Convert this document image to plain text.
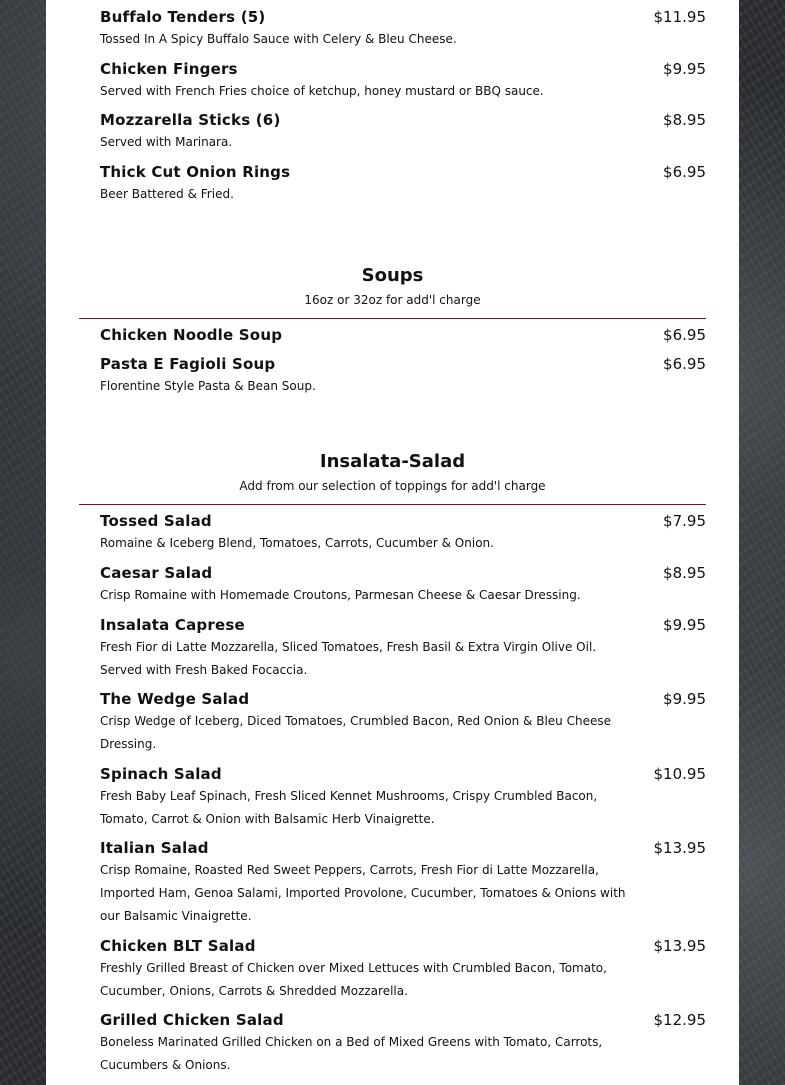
Buffalo Tenders (5)	$11.95
Tossed In A Spicy Buffalo Sauce with Celery & Bleu Cheese.
Chicken Fingers	$9.95
Served with French Fries choice of ketchup, honey mustard or BBQ sauce.
Mozzarella Sticks (6)	$8.95
Served with Marinara.
Thick Cut Onion Rings	$6.95
Beer Battered & Fried.
Soups
16oz or 32oz for add'l charge
Chicken Noodle Soup	$6.95
Pasta E Fagioli Soup	$6.95
Florentine Style Pasta & Bean Soup.
Insalata-Salad
Add from our selection of toppings for add'l charge
Tossed Salad	$7.95
Romaine & Iceberg Blend, Tomatoes, Carrots, Cucumber & Onion.
Caesar Salad	$8.95
Crisp Romaine with Homemade Croutons, Parmesan Cheese & Caesar Dressing.
Insalata Caprese	$9.95
Fresh Fior di Latte Mozzarella, Sliced Tomatoes, Fresh Basil & Extra Virgin Olive Oil. Served with Fresh Baked Focaccia.
The Wedge Salad	$9.95
Crisp Wedge of Iceberg, Diced Tomatoes, Crumbled Bacon, Red Onion & Bleu Cheese Dressing.
Spinach Salad	$10.95
Fresh Baby Leaf Spinach, Fresh Sliced Kennet Mushrooms, Crispy Crumbled Bacon, Tomato, Carrot & Onion with Balsamic Herb Vinaigrette.
Italian Salad	$13.95
Crisp Romaine, Roasted Red Sweet Peppers, Carrots, Fresh Fior di Latte Mozzarella, Imported Ham, Genoa Salami, Imported Provolone, Cucumber, Tomatoes & Onions with our Balsamic Vinaigrette.
Chicken BLT Salad	$13.95
Freshly Grilled Breast of Chicken over Mixed Lettuces with Crumbled Bacon, Tomato, Cucumber, Onions, Carrots & Shredded Mozzarella.
Grilled Chicken Salad	$12.95
Boneless Marinated Grilled Chicken on a Bed of Mixed Greens with Tomato, Carrots, Cucumbers & Onions.
